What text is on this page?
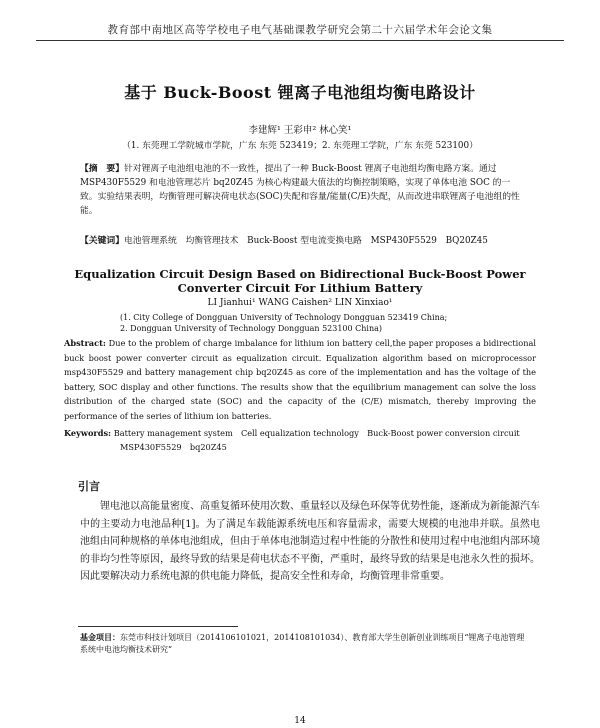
教育部中南地区高等学校电子电气基础课教学研究会第二十六届学术年会论文集
基于 Buck-Boost 锂离子电池组均衡电路设计
李建辉¹ 王彩申² 林心笑¹
（1. 东莞理工学院城市学院，广东 东莞 523419；2. 东莞理工学院，广东 东莞 523100）
【摘　要】针对锂离子电池组电池的不一致性，提出了一种 Buck-Boost 锂离子电池组均衡电路方案。通过 MSP430F5529 和电池管理芯片 bq20Z45 为核心构建最大值法的均衡控制策略，实现了单体电池 SOC 的一致。实验结果表明，均衡管理可解决荷电状态(SOC)失配和容量/能量(C/E)失配，从而改进串联锂离子电池组的性能。
【关键词】电池管理系统　均衡管理技术　Buck-Boost 型电流变换电路　MSP430F5529　BQ20Z45
Equalization Circuit Design Based on Bidirectional Buck-Boost Power
Converter Circuit For Lithium Battery
LI Jianhui¹ WANG Caishen² LIN Xinxiao¹
(1. City College of Dongguan University of Technology Dongguan 523419 China;
2. Dongguan University of Technology Dongguan 523100 China)
Abstract: Due to the problem of charge imbalance for lithium ion battery cell,the paper proposes a bidirectional buck boost power converter circuit as equalization circuit. Equalization algorithm based on microprocessor msp430F5529 and battery management chip bq20Z45 as core of the implementation and has the voltage of the battery, SOC display and other functions. The results show that the equilibrium management can solve the loss distribution of the charged state (SOC) and the capacity of the (C/E) mismatch, thereby improving the performance of the series of lithium ion batteries.
Keywords: Battery management system　Cell equalization technology　Buck-Boost power conversion circuit
MSP430F5529　bq20Z45
引言
锂电池以高能量密度、高重复循环使用次数、重量轻以及绿色环保等优势性能，逐渐成为新能源汽车中的主要动力电池品种[1]。为了满足车载能源系统电压和容量需求，需要大规模的电池串并联。虽然电池组由同种规格的单体电池组成，但由于单体电池制造过程中性能的分散性和使用过程中电池组内部环境的非均匀性等原因，最终导致的结果是荷电状态不平衡，严重时，最终导致的结果是电池永久性的损坏。因此要解决动力系统电源的供电能力降低，提高安全性和寿命，均衡管理非常重要。
基金项目：东莞市科技计划项目（2014106101021，2014108101034）、教育部大学生创新创业训练项目“锂离子电池管理系统中电池均衡技术研究”
14
